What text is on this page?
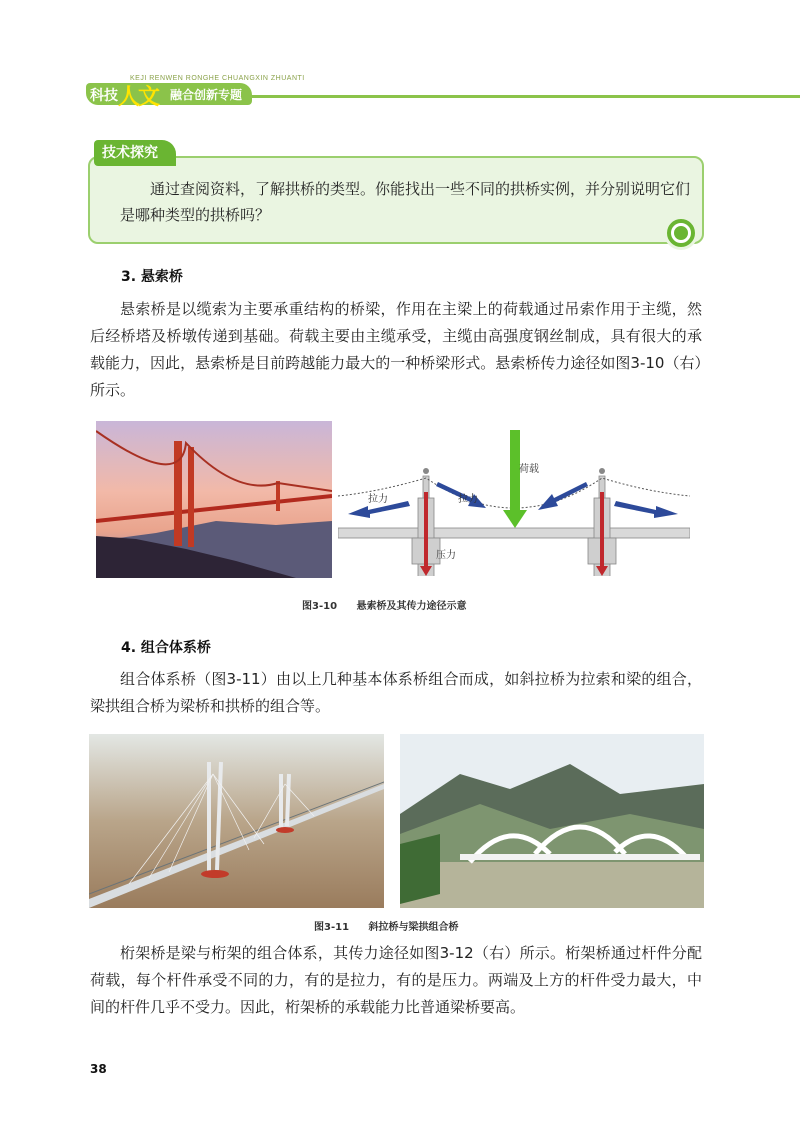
KEJI RENWEN RONGHE CHUANGXIN ZHUANTI
科技 人文 融合创新专题
技术探究
通过查阅资料，了解拱桥的类型。你能找出一些不同的拱桥实例，并分别说明它们是哪种类型的拱桥吗？
3. 悬索桥
悬索桥是以缆索为主要承重结构的桥梁，作用在主梁上的荷载通过吊索作用于主缆，然后经桥塔及桥墩传递到基础。荷载主要由主缆承受，主缆由高强度钢丝制成，具有很大的承载能力，因此，悬索桥是目前跨越能力最大的一种桥梁形式。悬索桥传力途径如图3-10（右）所示。
荷载
拉力	拉力
压力
图3-10 悬索桥及其传力途径示意
4. 组合体系桥
组合体系桥（图3-11）由以上几种基本体系桥组合而成，如斜拉桥为拉索和梁的组合，梁拱组合桥为梁桥和拱桥的组合等。
图3-11 斜拉桥与梁拱组合桥
桁架桥是梁与桁架的组合体系，其传力途径如图3-12（右）所示。桁架桥通过杆件分配荷载，每个杆件承受不同的力，有的是拉力，有的是压力。两端及上方的杆件受力最大，中间的杆件几乎不受力。因此，桁架桥的承载能力比普通梁桥要高。
38
